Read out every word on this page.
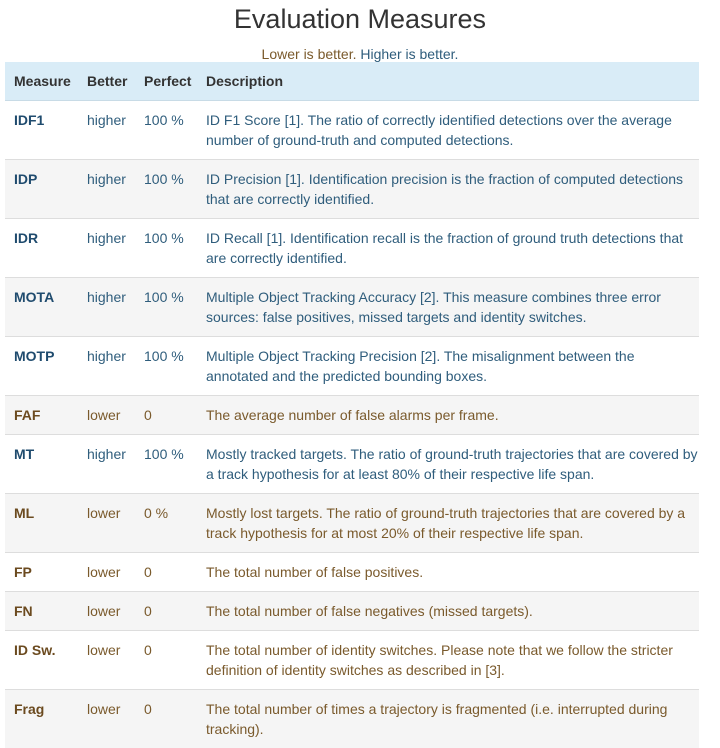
Evaluation Measures
Lower is better. Higher is better.
Measure	Better	Perfect	Description
IDF1	higher	100 %	ID F1 Score [1]. The ratio of correctly identified detections over the average number of ground-truth and computed detections.
IDP	higher	100 %	ID Precision [1]. Identification precision is the fraction of computed detections that are correctly identified.
IDR	higher	100 %	ID Recall [1]. Identification recall is the fraction of ground truth detections that are correctly identified.
MOTA	higher	100 %	Multiple Object Tracking Accuracy [2]. This measure combines three error sources: false positives, missed targets and identity switches.
MOTP	higher	100 %	Multiple Object Tracking Precision [2]. The misalignment between the annotated and the predicted bounding boxes.
FAF	lower	0	The average number of false alarms per frame.
MT	higher	100 %	Mostly tracked targets. The ratio of ground-truth trajectories that are covered by a track hypothesis for at least 80% of their respective life span.
ML	lower	0 %	Mostly lost targets. The ratio of ground-truth trajectories that are covered by a track hypothesis for at most 20% of their respective life span.
FP	lower	0	The total number of false positives.
FN	lower	0	The total number of false negatives (missed targets).
ID Sw.	lower	0	The total number of identity switches. Please note that we follow the stricter definition of identity switches as described in [3].
Frag	lower	0	The total number of times a trajectory is fragmented (i.e. interrupted during tracking).
